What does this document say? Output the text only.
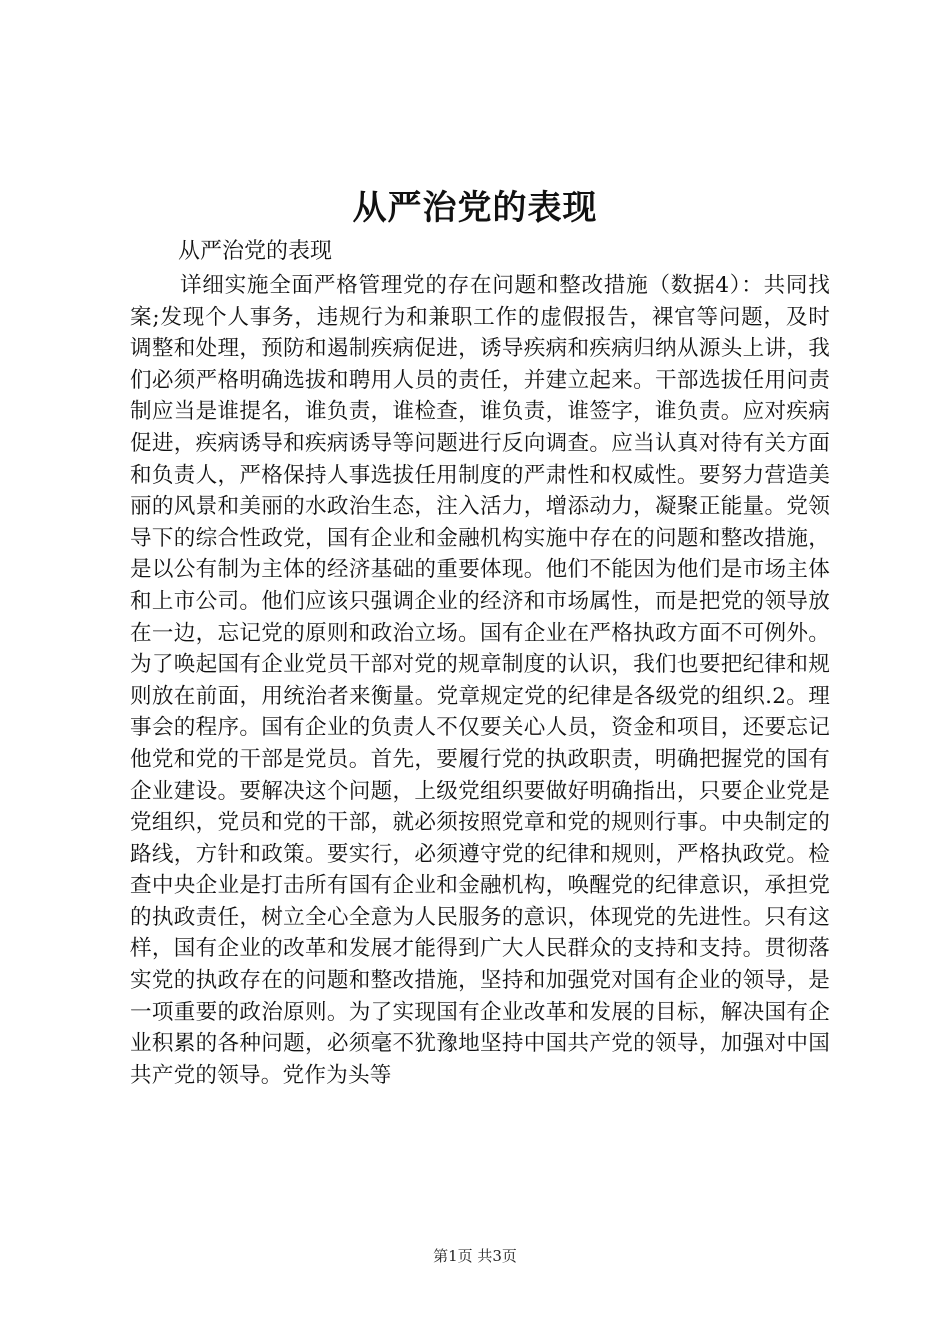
从严治党的表现
从严治党的表现

详细实施全面严格管理党的存在问题和整改措施（数据4）：共同找案;发现个人事务，违规行为和兼职工作的虚假报告，裸官等问题，及时调整和处理，预防和遏制疾病促进，诱导疾病和疾病归纳从源头上讲，我们必须严格明确选拔和聘用人员的责任，并建立起来。干部选拔任用问责制应当是谁提名，谁负责，谁检查，谁负责，谁签字，谁负责。应对疾病促进，疾病诱导和疾病诱导等问题进行反向调查。应当认真对待有关方面和负责人，严格保持人事选拔任用制度的严肃性和权威性。要努力营造美丽的风景和美丽的水政治生态，注入活力，增添动力，凝聚正能量。党领导下的综合性政党，国有企业和金融机构实施中存在的问题和整改措施，是以公有制为主体的经济基础的重要体现。他们不能因为他们是市场主体和上市公司。他们应该只强调企业的经济和市场属性，而是把党的领导放在一边，忘记党的原则和政治立场。国有企业在严格执政方面不可例外。为了唤起国有企业党员干部对党的规章制度的认识，我们也要把纪律和规则放在前面，用统治者来衡量。党章规定党的纪律是各级党的组织.2。理事会的程序。国有企业的负责人不仅要关心人员，资金和项目，还要忘记他党和党的干部是党员。首先，要履行党的执政职责，明确把握党的国有企业建设。要解决这个问题，上级党组织要做好明确指出，只要企业党是党组织，党员和党的干部，就必须按照党章和党的规则行事。中央制定的路线，方针和政策。要实行，必须遵守党的纪律和规则，严格执政党。检查中央企业是打击所有国有企业和金融机构，唤醒党的纪律意识，承担党的执政责任，树立全心全意为人民服务的意识，体现党的先进性。只有这样，国有企业的改革和发展才能得到广大人民群众的支持和支持。贯彻落实党的执政存在的问题和整改措施，坚持和加强党对国有企业的领导，是一项重要的政治原则。为了实现国有企业改革和发展的目标，解决国有企业积累的各种问题，必须毫不犹豫地坚持中国共产党的领导，加强对中国共产党的领导。党作为头等

第1页 共3页
